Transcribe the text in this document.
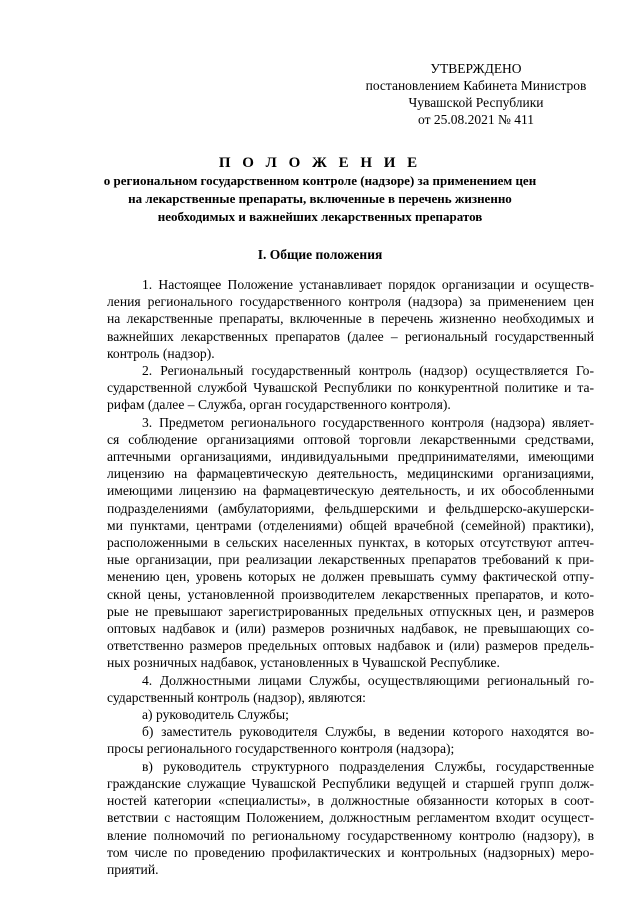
УТВЕРЖДЕНО
постановлением Кабинета Министров
Чувашской Республики
от 25.08.2021 № 411
П О Л О Ж Е Н И Е
о региональном государственном контроле (надзоре) за применением цен
на лекарственные препараты, включенные в перечень жизненно
необходимых и важнейших лекарственных препаратов
I. Общие положения
1. Настоящее Положение устанавливает порядок организации и осуществ-
ления регионального государственного контроля (надзора) за применением цен
на лекарственные препараты, включенные в перечень жизненно необходимых и
важнейших лекарственных препаратов (далее – региональный государственный
контроль (надзор).
2. Региональный государственный контроль (надзор) осуществляется Го-
сударственной службой Чувашской Республики по конкурентной политике и та-
рифам (далее – Служба, орган государственного контроля).
3. Предметом регионального государственного контроля (надзора) являет-
ся соблюдение организациями оптовой торговли лекарственными средствами,
аптечными организациями, индивидуальными предпринимателями, имеющими
лицензию на фармацевтическую деятельность, медицинскими организациями,
имеющими лицензию на фармацевтическую деятельность, и их обособленными
подразделениями (амбулаториями, фельдшерскими и фельдшерско-акушерски-
ми пунктами, центрами (отделениями) общей врачебной (семейной) практики),
расположенными в сельских населенных пунктах, в которых отсутствуют аптеч-
ные организации, при реализации лекарственных препаратов требований к при-
менению цен, уровень которых не должен превышать сумму фактической отпу-
скной цены, установленной производителем лекарственных препаратов, и кото-
рые не превышают зарегистрированных предельных отпускных цен, и размеров
оптовых надбавок и (или) размеров розничных надбавок, не превышающих со-
ответственно размеров предельных оптовых надбавок и (или) размеров предель-
ных розничных надбавок, установленных в Чувашской Республике.
4. Должностными лицами Службы, осуществляющими региональный го-
сударственный контроль (надзор), являются:
а) руководитель Службы;
б) заместитель руководителя Службы, в ведении которого находятся во-
просы регионального государственного контроля (надзора);
в) руководитель структурного подразделения Службы, государственные
гражданские служащие Чувашской Республики ведущей и старшей групп долж-
ностей категории «специалисты», в должностные обязанности которых в соот-
ветствии с настоящим Положением, должностным регламентом входит осущест-
вление полномочий по региональному государственному контролю (надзору), в
том числе по проведению профилактических и контрольных (надзорных) меро-
приятий.
